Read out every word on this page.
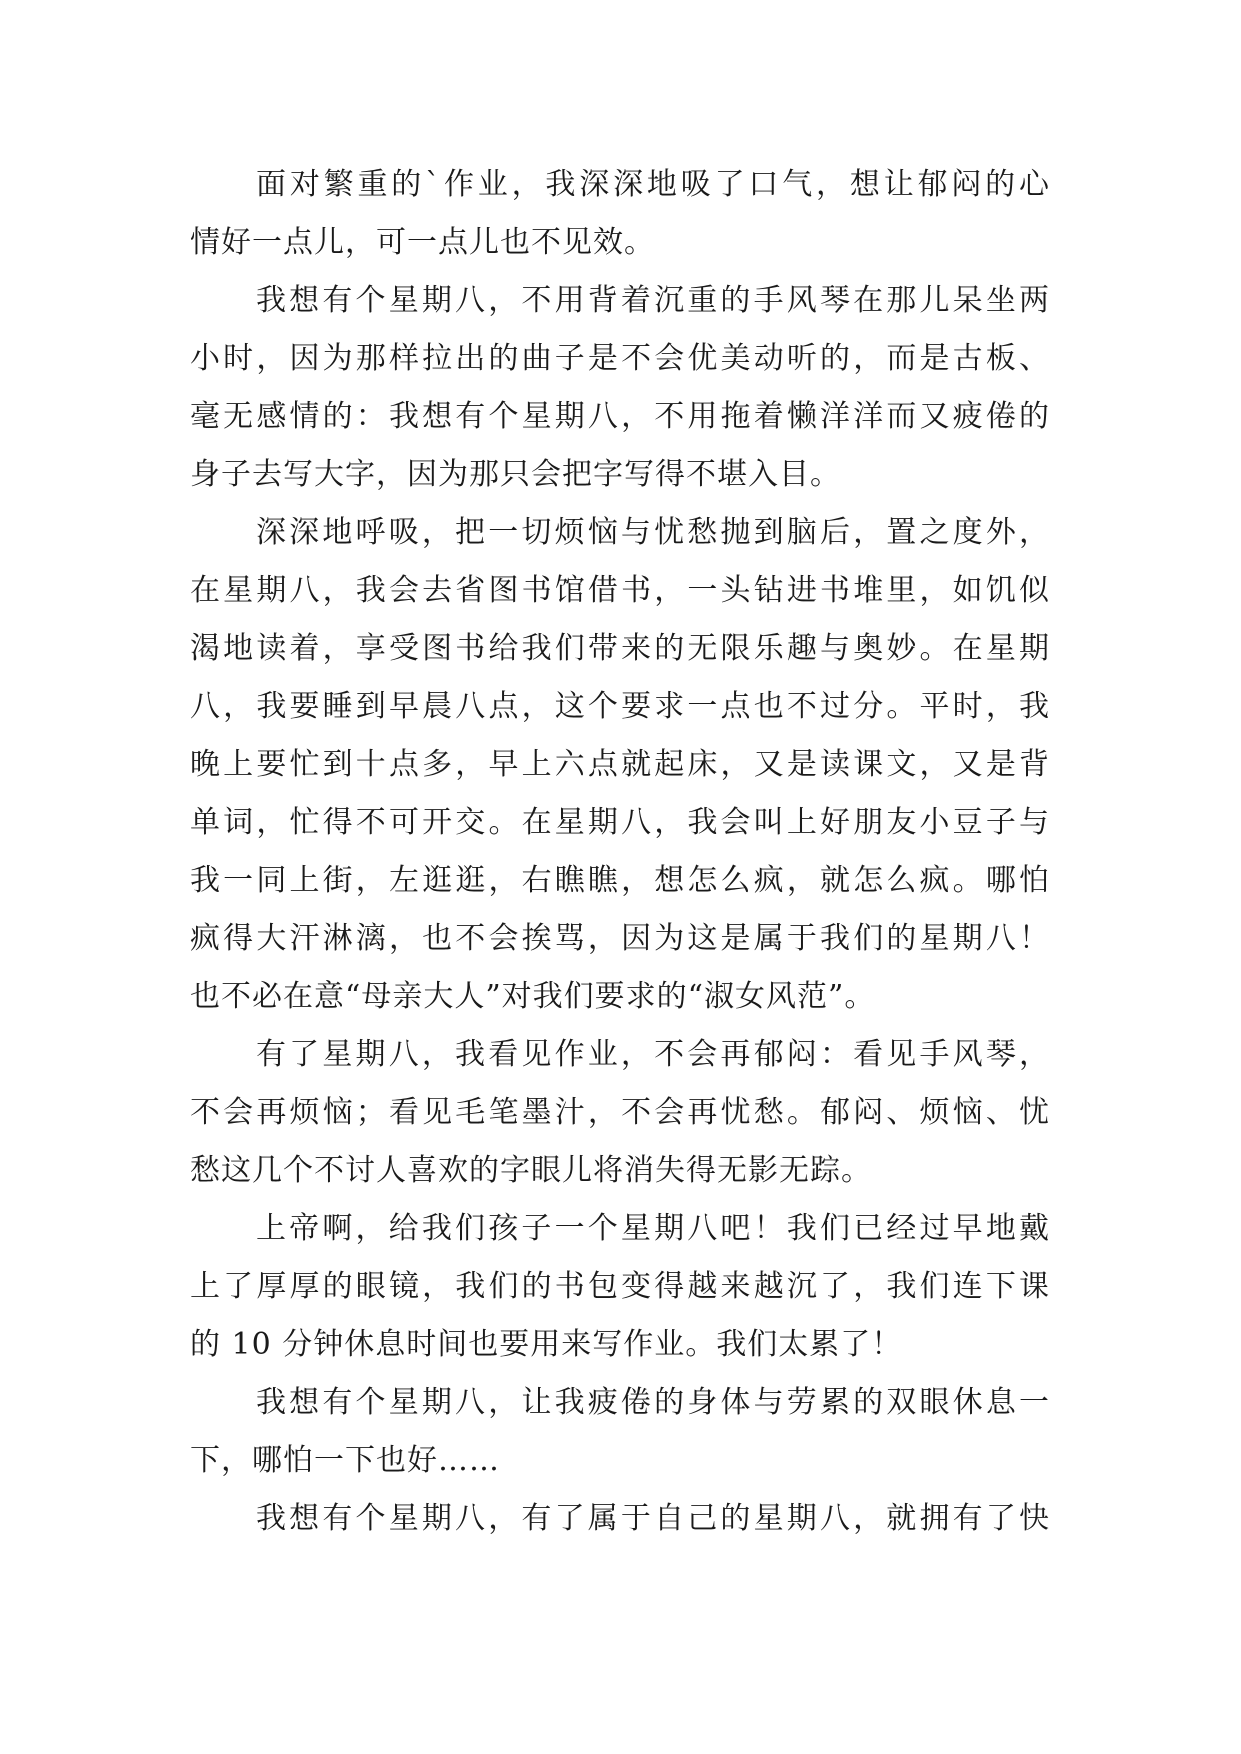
面对繁重的`作业，我深深地吸了口气，想让郁闷的心

情好一点儿，可一点儿也不见效。

我想有个星期八，不用背着沉重的手风琴在那儿呆坐两

小时，因为那样拉出的曲子是不会优美动听的，而是古板、

毫无感情的：我想有个星期八，不用拖着懒洋洋而又疲倦的

身子去写大字，因为那只会把字写得不堪入目。

深深地呼吸，把一切烦恼与忧愁抛到脑后，置之度外，

在星期八，我会去省图书馆借书，一头钻进书堆里，如饥似

渴地读着，享受图书给我们带来的无限乐趣与奥妙。在星期

八，我要睡到早晨八点，这个要求一点也不过分。平时，我

晚上要忙到十点多，早上六点就起床，又是读课文，又是背

单词，忙得不可开交。在星期八，我会叫上好朋友小豆子与

我一同上街，左逛逛，右瞧瞧，想怎么疯，就怎么疯。哪怕

疯得大汗淋漓，也不会挨骂，因为这是属于我们的星期八！

也不必在意“母亲大人”对我们要求的“淑女风范”。

有了星期八，我看见作业，不会再郁闷：看见手风琴，

不会再烦恼；看见毛笔墨汁，不会再忧愁。郁闷、烦恼、忧

愁这几个不讨人喜欢的字眼儿将消失得无影无踪。

上帝啊，给我们孩子一个星期八吧！我们已经过早地戴

上了厚厚的眼镜，我们的书包变得越来越沉了，我们连下课

的 10 分钟休息时间也要用来写作业。我们太累了！

我想有个星期八，让我疲倦的身体与劳累的双眼休息一

下，哪怕一下也好……

我想有个星期八，有了属于自己的星期八，就拥有了快
